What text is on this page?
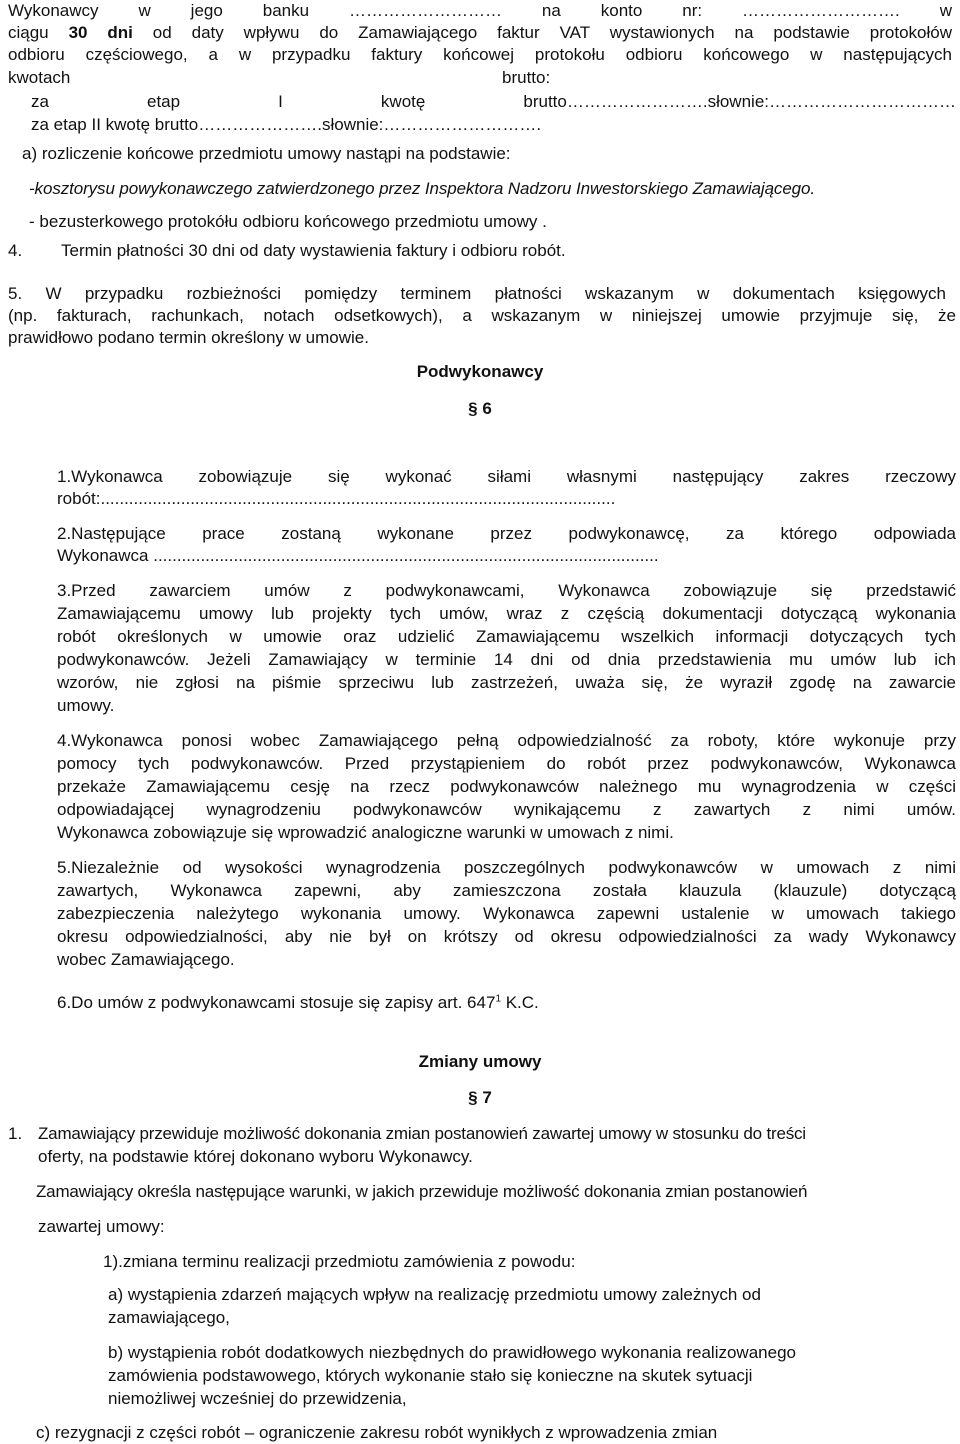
Wykonawcy w jego banku ……………………… na konto nr: ………………………. w
ciągu 30 dni od daty wpływu do Zamawiającego faktur VAT wystawionych na podstawie protokołów
odbioru częściowego, a w przypadku faktury końcowej protokołu odbioru końcowego w następujących
kwotach	brutto:
za etap I kwotę brutto…………………….słownie:……………………………
za etap II kwotę brutto………………….słownie:……………………….
a) rozliczenie końcowe przedmiotu umowy nastąpi na podstawie:
-kosztorysu powykonawczego zatwierdzonego przez Inspektora Nadzoru Inwestorskiego Zamawiającego.
- bezusterkowego protokółu odbioru końcowego przedmiotu umowy .
4. Termin płatności 30 dni od daty wystawienia faktury i odbioru robót.
5. W przypadku rozbieżności pomiędzy terminem płatności wskazanym w dokumentach księgowych
(np. fakturach, rachunkach, notach odsetkowych), a wskazanym w niniejszej umowie przyjmuje się, że
prawidłowo podano termin określony w umowie.
Podwykonawcy
§ 6
1.Wykonawca zobowiązuje się wykonać siłami własnymi następujący zakres rzeczowy
robót:.............................................................................................................
2.Następujące prace zostaną wykonane przez podwykonawcę, za którego odpowiada
Wykonawca ...........................................................................................................
3.Przed zawarciem umów z podwykonawcami, Wykonawca zobowiązuje się przedstawić
Zamawiającemu umowy lub projekty tych umów, wraz z częścią dokumentacji dotyczącą wykonania
robót określonych w umowie oraz udzielić Zamawiającemu wszelkich informacji dotyczących tych
podwykonawców. Jeżeli Zamawiający w terminie 14 dni od dnia przedstawienia mu umów lub ich
wzorów, nie zgłosi na piśmie sprzeciwu lub zastrzeżeń, uważa się, że wyraził zgodę na zawarcie
umowy.
4.Wykonawca ponosi wobec Zamawiającego pełną odpowiedzialność za roboty, które wykonuje przy
pomocy tych podwykonawców. Przed przystąpieniem do robót przez podwykonawców, Wykonawca
przekaże Zamawiającemu cesję na rzecz podwykonawców należnego mu wynagrodzenia w części
odpowiadającej wynagrodzeniu podwykonawców wynikającemu z zawartych z nimi umów.
Wykonawca zobowiązuje się wprowadzić analogiczne warunki w umowach z nimi.
5.Niezależnie od wysokości wynagrodzenia poszczególnych podwykonawców w umowach z nimi
zawartych, Wykonawca zapewni, aby zamieszczona została klauzula (klauzule) dotyczącą
zabezpieczenia należytego wykonania umowy. Wykonawca zapewni ustalenie w umowach takiego
okresu odpowiedzialności, aby nie był on krótszy od okresu odpowiedzialności za wady Wykonawcy
wobec Zamawiającego.
6.Do umów z podwykonawcami stosuje się zapisy art. $647^1$ K.C.
Zmiany umowy
§ 7
1. Zamawiający przewiduje możliwość dokonania zmian postanowień zawartej umowy w stosunku do treści
oferty, na podstawie której dokonano wyboru Wykonawcy.
Zamawiający określa następujące warunki, w jakich przewiduje możliwość dokonania zmian postanowień
zawartej umowy:
1).zmiana terminu realizacji przedmiotu zamówienia z powodu:
a) wystąpienia zdarzeń mających wpływ na realizację przedmiotu umowy zależnych od
zamawiającego,
b) wystąpienia robót dodatkowych niezbędnych do prawidłowego wykonania realizowanego
zamówienia podstawowego, których wykonanie stało się konieczne na skutek sytuacji
niemożliwej wcześniej do przewidzenia,
c) rezygnacji z części robót – ograniczenie zakresu robót wynikłych z wprowadzenia zmian
